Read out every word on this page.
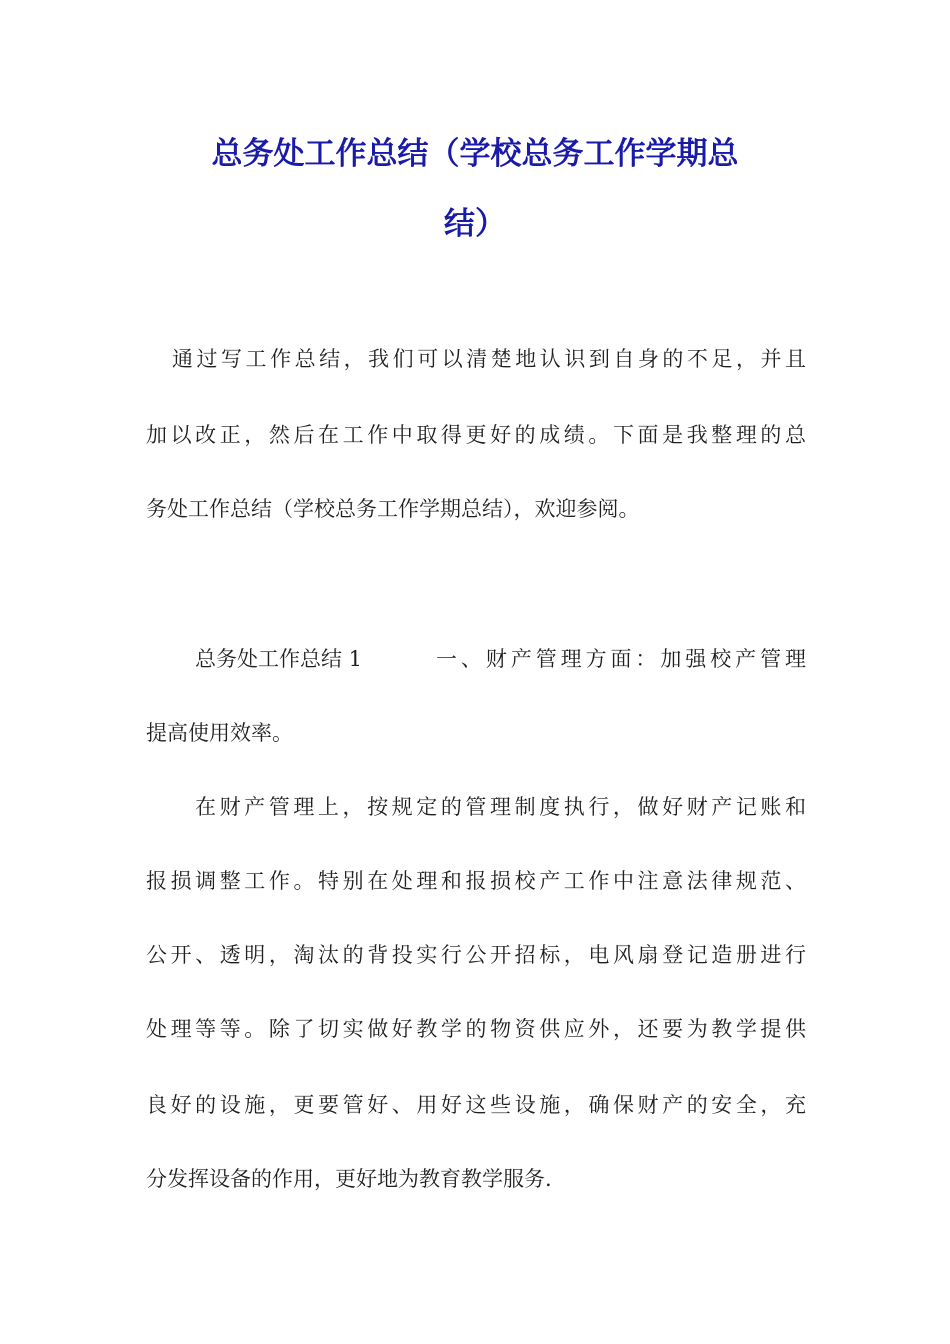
总务处工作总结（学校总务工作学期总
结）
通过写工作总结，我们可以清楚地认识到自身的不足，并且
加以改正，然后在工作中取得更好的成绩。下面是我整理的总
务处工作总结（学校总务工作学期总结），欢迎参阅。
总务处工作总结 1	一、财产管理方面：加强校产管理
提高使用效率。
在财产管理上，按规定的管理制度执行，做好财产记账和
报损调整工作。特别在处理和报损校产工作中注意法律规范、
公开、透明，淘汰的背投实行公开招标，电风扇登记造册进行
处理等等。除了切实做好教学的物资供应外，还要为教学提供
良好的设施，更要管好、用好这些设施，确保财产的安全，充
分发挥设备的作用，更好地为教育教学服务.
